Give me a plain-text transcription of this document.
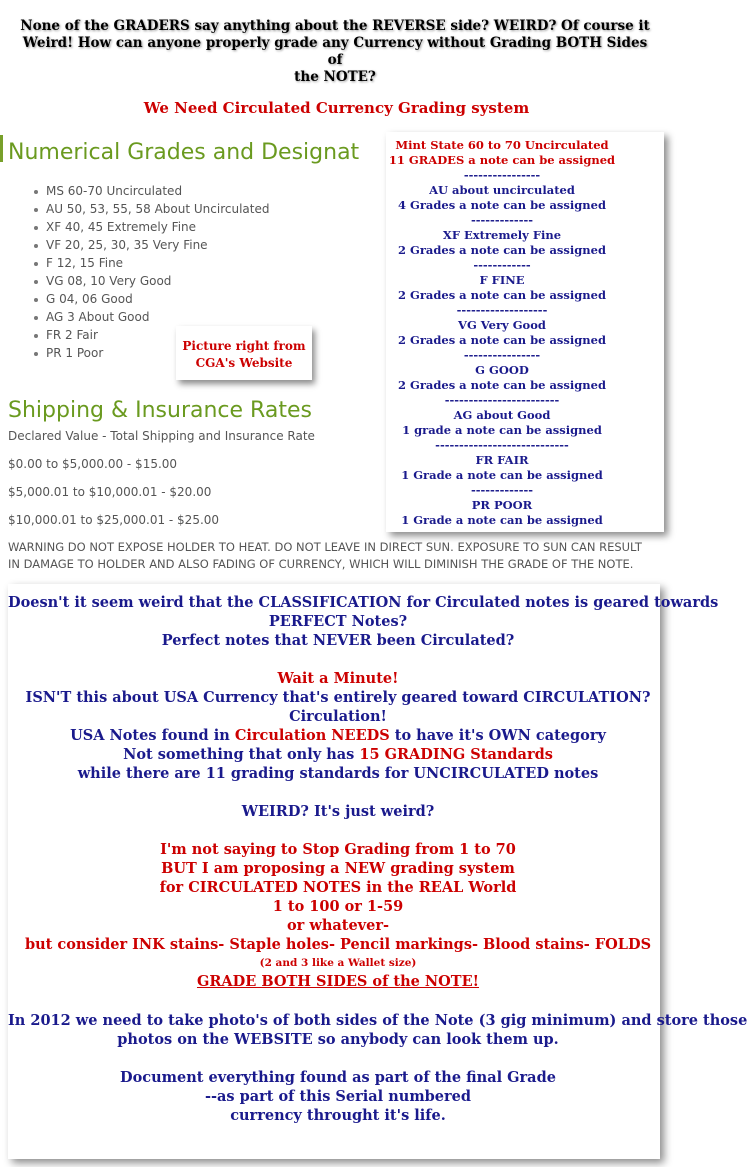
None of the GRADERS say anything about the REVERSE side? WEIRD? Of course it
Weird! How can anyone properly grade any Currency without Grading BOTH Sides of
the NOTE?
We Need Circulated Currency Grading system
Numerical Grades and Designat
MS 60-70 Uncirculated
AU 50, 53, 55, 58 About Uncirculated
XF 40, 45 Extremely Fine
VF 20, 25, 30, 35 Very Fine
F 12, 15 Fine
VG 08, 10 Very Good
G 04, 06 Good
AG 3 About Good
FR 2 Fair
PR 1 Poor	Picture right from
CGA's Website
Shipping & Insurance Rates
Declared Value - Total Shipping and Insurance Rate
$0.00 to $5,000.00 - $15.00
$5,000.01 to $10,000.01 - $20.00
$10,000.01 to $25,000.01 - $25.00
Mint State 60 to 70 Uncirculated
11 GRADES a note can be assigned
----------------
AU about uncirculated
4 Grades a note can be assigned
-------------
XF Extremely Fine
2 Grades a note can be assigned
------------
F FINE
2 Grades a note can be assigned
-------------------
VG Very Good
2 Grades a note can be assigned
----------------
G GOOD
2 Grades a note can be assigned
------------------------
AG about Good
1 grade a note can be assigned
----------------------------
FR FAIR
1 Grade a note can be assigned
-------------
PR POOR
1 Grade a note can be assigned
WARNING DO NOT EXPOSE HOLDER TO HEAT. DO NOT LEAVE IN DIRECT SUN. EXPOSURE TO SUN CAN RESULT
IN DAMAGE TO HOLDER AND ALSO FADING OF CURRENCY, WHICH WILL DIMINISH THE GRADE OF THE NOTE.
Doesn't it seem weird that the CLASSIFICATION for Circulated notes is geared towards
PERFECT Notes?
Perfect notes that NEVER been Circulated?
Wait a Minute!
ISN'T this about USA Currency that's entirely geared toward CIRCULATION?
Circulation!
USA Notes found in Circulation NEEDS to have it's OWN category
Not something that only has 15 GRADING Standards
while there are 11 grading standards for UNCIRCULATED notes
WEIRD? It's just weird?
I'm not saying to Stop Grading from 1 to 70
BUT I am proposing a NEW grading system
for CIRCULATED NOTES in the REAL World
1 to 100 or 1-59
or whatever-
but consider INK stains- Staple holes- Pencil markings- Blood stains- FOLDS
(2 and 3 like a Wallet size)
GRADE BOTH SIDES of the NOTE!
In 2012 we need to take photo's of both sides of the Note (3 gig minimum) and store those
photos on the WEBSITE so anybody can look them up.
Document everything found as part of the final Grade
--as part of this Serial numbered
currency throught it's life.
